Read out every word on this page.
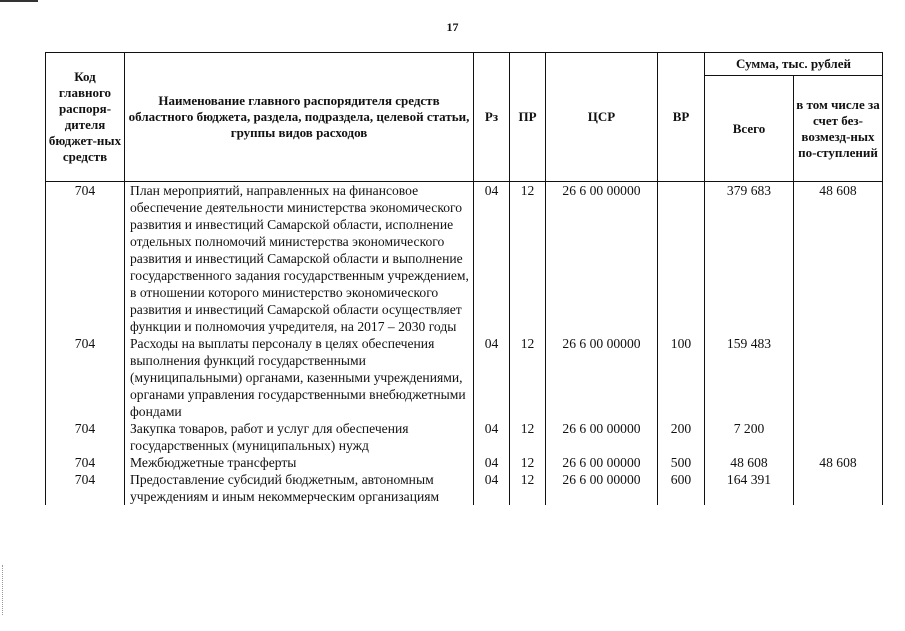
17
Код главного распоря-дителя бюджет-ных средств	Наименование главного распорядителя средств областного бюджета, раздела, подраздела, целевой статьи, группы видов расходов	Рз	ПР	ЦСР	ВР	Сумма, тыс. рублей	
						Всего	в том числе за счет без-возмезд-ных по-ступлений
704	План мероприятий, направленных на финансовое обеспечение деятельности министерства экономического развития и инвестиций Самарской области, исполнение отдельных полномочий министерства экономического развития и инвестиций Самарской области и выполнение государственного задания государственным учреждением, в отношении которого министерство экономического развития и инвестиций Самарской области осуществляет функции и полномочия учредителя, на 2017 – 2030 годы	04	12	26 6 00 00000		379 683	48 608
704	Расходы на выплаты персоналу в целях обеспечения выполнения функций государственными (муниципальными) органами, казенными учреждениями, органами управления государственными внебюджетными фондами	04	12	26 6 00 00000	100	159 483	
704	Закупка товаров, работ и услуг для обеспечения государственных (муниципальных) нужд	04	12	26 6 00 00000	200	7 200	
704	Межбюджетные трансферты	04	12	26 6 00 00000	500	48 608	48 608
704	Предоставление субсидий бюджетным, автономным учреждениям и иным некоммерческим организациям	04	12	26 6 00 00000	600	164 391	
